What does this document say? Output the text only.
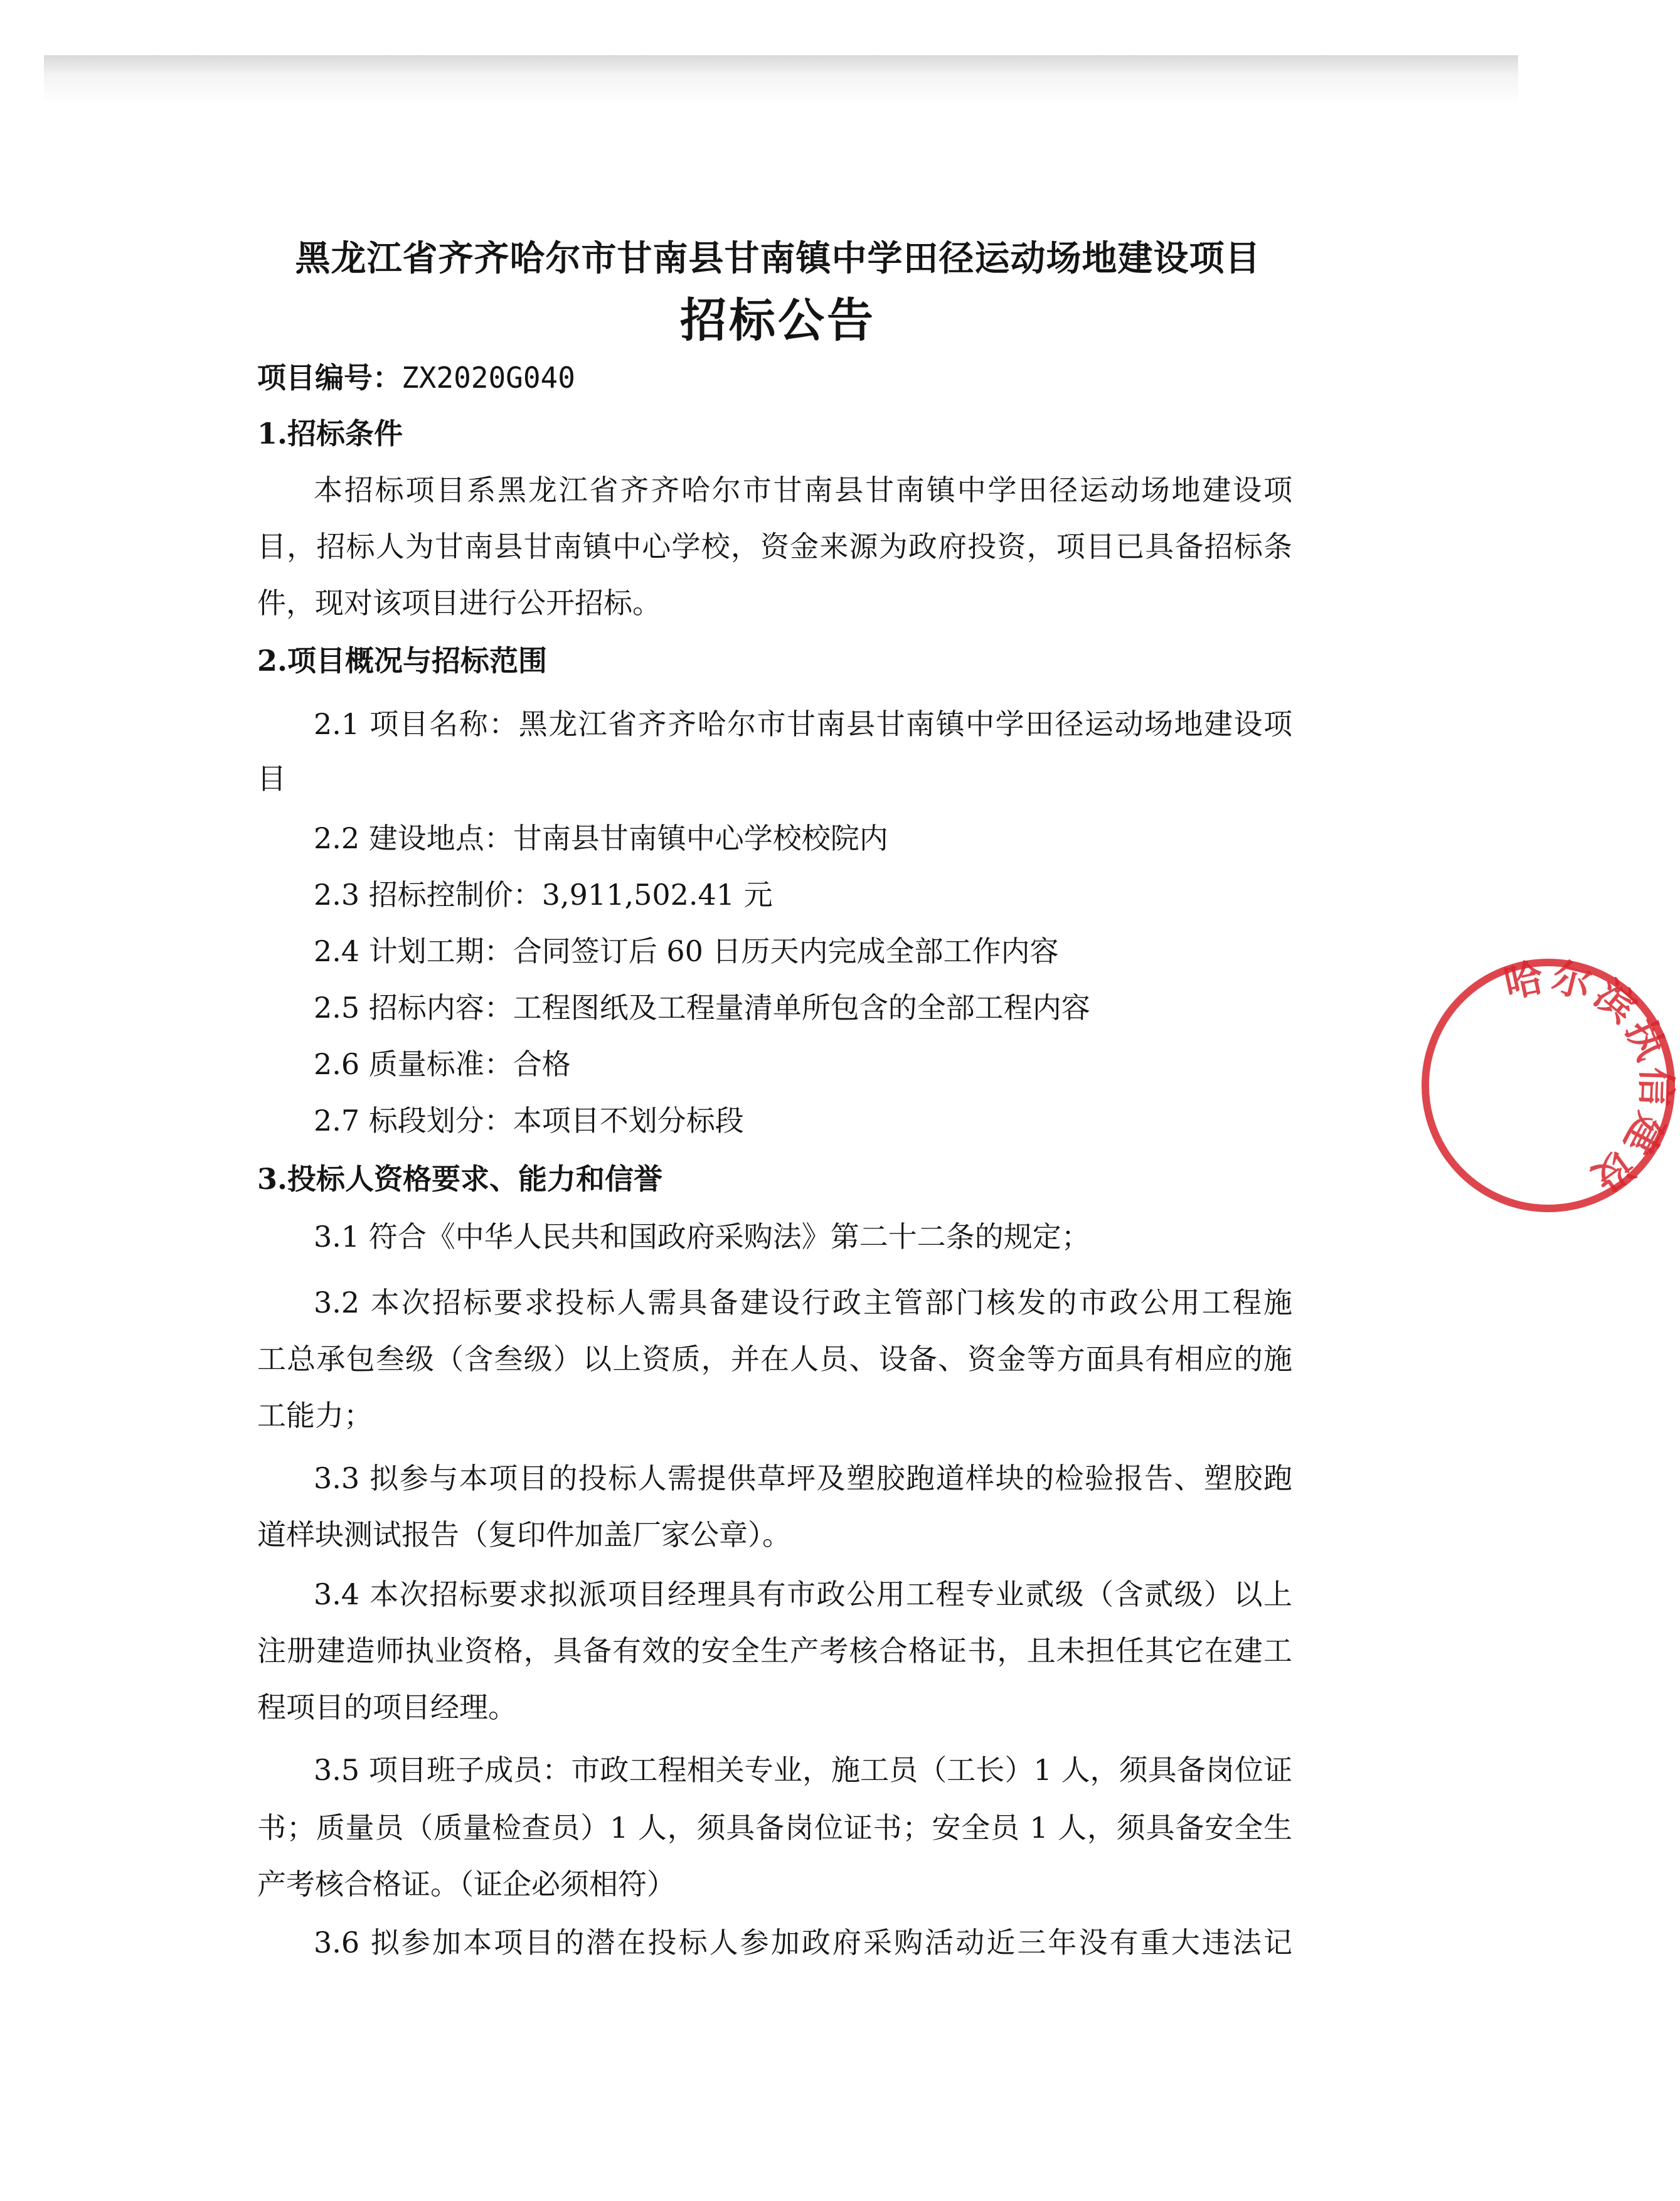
黑龙江省齐齐哈尔市甘南县甘南镇中学田径运动场地建设项目
招标公告
项目编号：ZX2020G040
1.招标条件
本招标项目系黑龙江省齐齐哈尔市甘南县甘南镇中学田径运动场地建设项
目，招标人为甘南县甘南镇中心学校，资金来源为政府投资，项目已具备招标条
件，现对该项目进行公开招标。
2.项目概况与招标范围
2.1 项目名称：黑龙江省齐齐哈尔市甘南县甘南镇中学田径运动场地建设项
目
2.2 建设地点：甘南县甘南镇中心学校校院内
2.3 招标控制价：3,911,502.41 元
2.4 计划工期：合同签订后 60 日历天内完成全部工作内容
2.5 招标内容：工程图纸及工程量清单所包含的全部工程内容
2.6 质量标准：合格
2.7 标段划分：本项目不划分标段
3.投标人资格要求、能力和信誉
3.1 符合《中华人民共和国政府采购法》第二十二条的规定；
3.2 本次招标要求投标人需具备建设行政主管部门核发的市政公用工程施
工总承包叁级（含叁级）以上资质，并在人员、设备、资金等方面具有相应的施
工能力；
3.3 拟参与本项目的投标人需提供草坪及塑胶跑道样块的检验报告、塑胶跑
道样块测试报告（复印件加盖厂家公章）。
3.4 本次招标要求拟派项目经理具有市政公用工程专业贰级（含贰级）以上
注册建造师执业资格，具备有效的安全生产考核合格证书，且未担任其它在建工
程项目的项目经理。
3.5 项目班子成员：市政工程相关专业，施工员（工长）1 人，须具备岗位证
书；质量员（质量检查员）1 人，须具备岗位证书；安全员 1 人，须具备安全生
产考核合格证。（证企必须相符）
3.6 拟参加本项目的潜在投标人参加政府采购活动近三年没有重大违法记
哈尔滨执信建设
